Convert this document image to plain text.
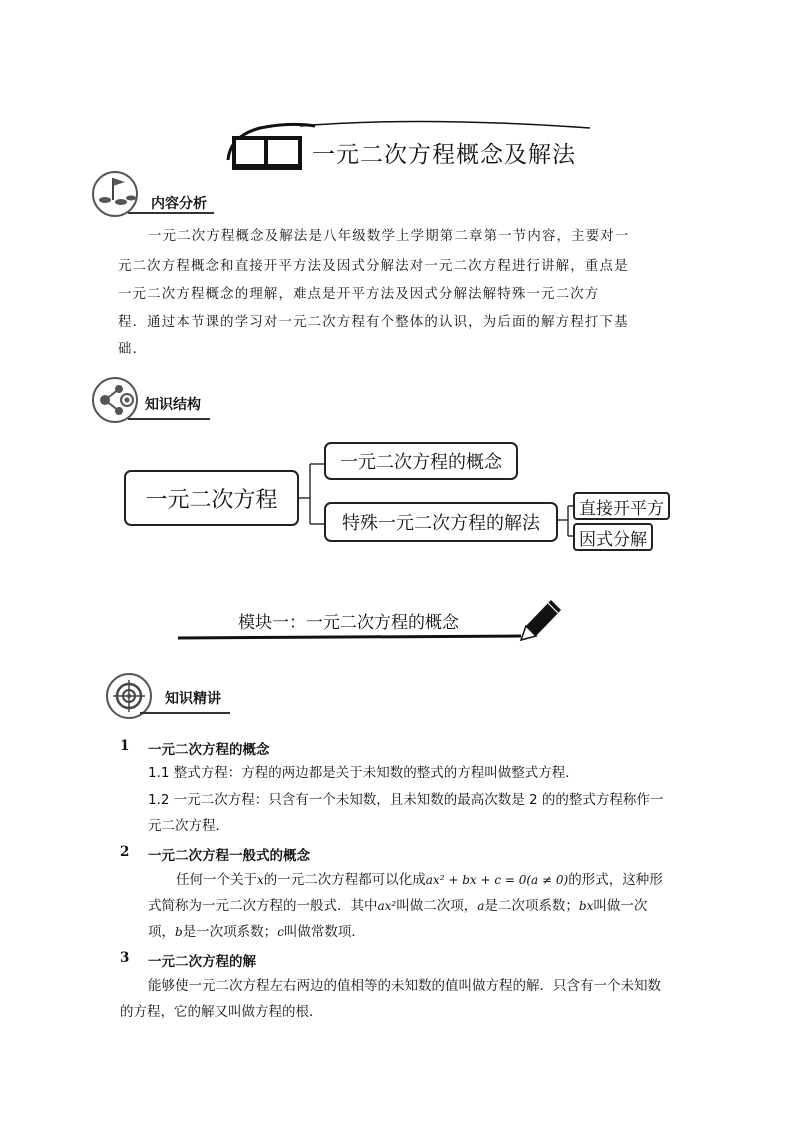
一元二次方程概念及解法
内容分析
一元二次方程概念及解法是八年级数学上学期第二章第一节内容，主要对一
元二次方程概念和直接开平方法及因式分解法对一元二次方程进行讲解，重点是
一元二次方程概念的理解，难点是开平方法及因式分解法解特殊一元二次方
程．通过本节课的学习对一元二次方程有个整体的认识，为后面的解方程打下基
础．
知识结构
一元二次方程
一元二次方程的概念
特殊一元二次方程的解法
直接开平方
因式分解
模块一：一元二次方程的概念
知识精讲
1 一元二次方程的概念
1.1 整式方程：方程的两边都是关于未知数的整式的方程叫做整式方程．
1.2 一元二次方程：只含有一个未知数，且未知数的最高次数是 2 的的整式方程称作一
元二次方程．
2 一元二次方程一般式的概念
任何一个关于x的一元二次方程都可以化成ax² + bx + c = 0(a ≠ 0)的形式，这种形
式简称为一元二次方程的一般式．其中ax²叫做二次项，a是二次项系数；bx叫做一次
项，b是一次项系数；c叫做常数项．
3 一元二次方程的解
能够使一元二次方程左右两边的值相等的未知数的值叫做方程的解．只含有一个未知数
的方程，它的解又叫做方程的根．
